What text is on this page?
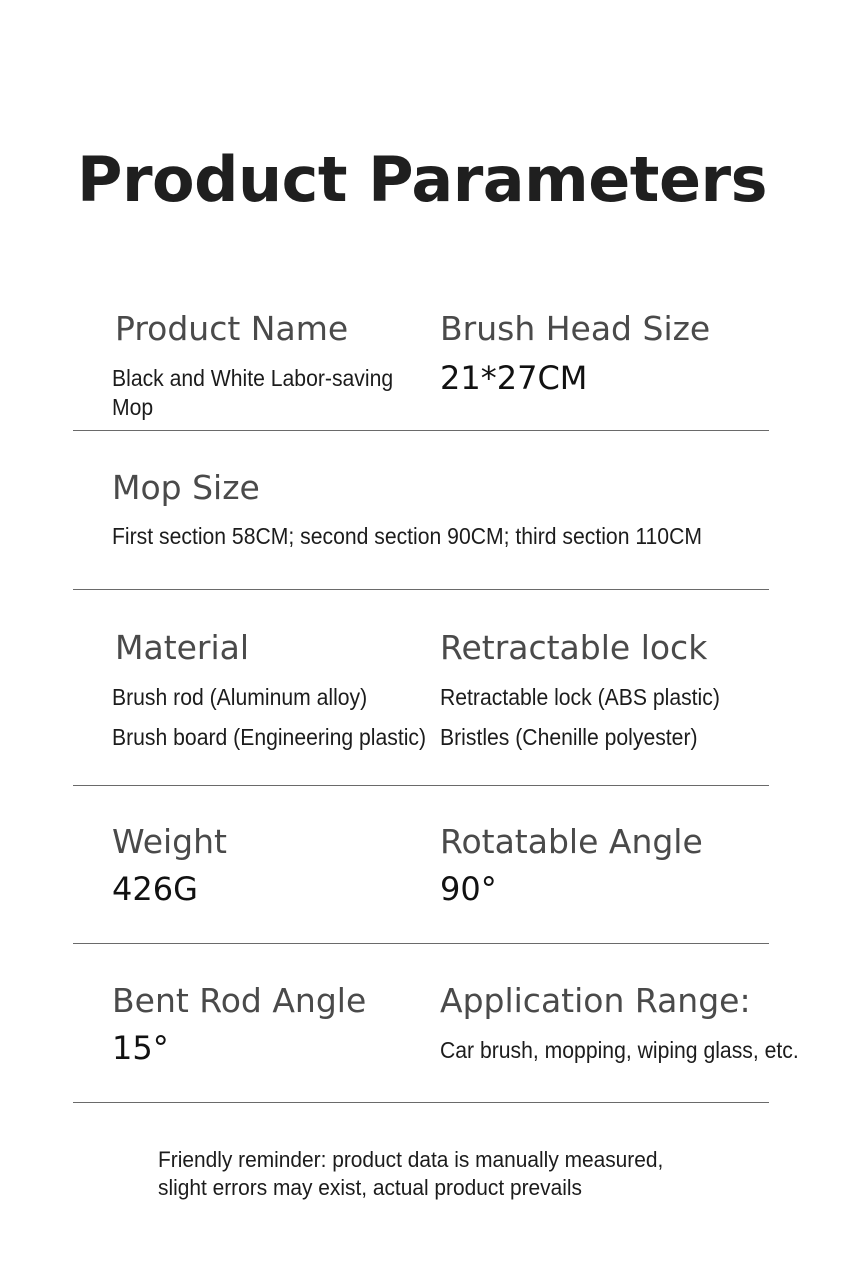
Product Parameters
Product Name
Black and White Labor-saving
Mop
Brush Head Size
21*27CM
Mop Size
First section 58CM; second section 90CM; third section 110CM
Material
Brush rod (Aluminum alloy)
Brush board (Engineering plastic)
Retractable lock
Retractable lock (ABS plastic)
Bristles (Chenille polyester)
Weight
426G
Rotatable Angle
90°
Bent Rod Angle
15°
Application Range:
Car brush, mopping, wiping glass, etc.
Friendly reminder: product data is manually measured,
slight errors may exist, actual product prevails
